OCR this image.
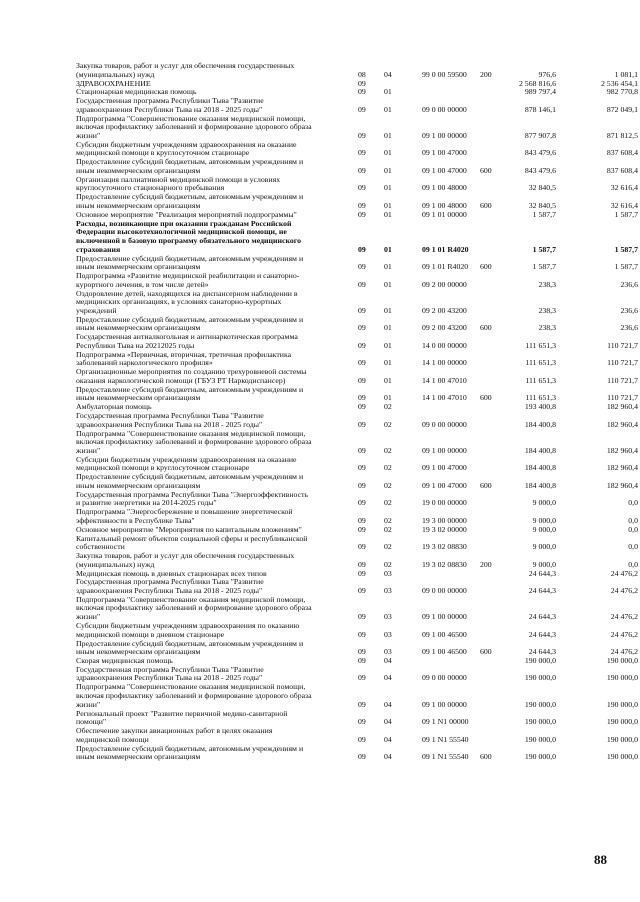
Закупка товаров, работ и услуг для обеспечения государственных
(муниципальных) нужд	08	04	99 0 00 59500	200	976,6	1 081,1
ЗДРАВООХРАНЕНИЕ	09	2 568 816,6	2 536 454,1
Стационарная медицинская помощь	09	01	989 797,4	982 770,8
Государственная программа Республики Тыва "Развитие
здравоохранения Республики Тыва на 2018 - 2025 годы"	09	01	09 0 00 00000	878 146,1	872 049,1
Подпрограмма "Совершенствование оказания медицинской помощи,
включая профилактику заболеваний и формирование здорового образа
жизни"	09	01	09 1 00 00000	877 907,8	871 812,5
Субсидии бюджетным учреждениям здравоохранения на оказание
медицинской помощи в круглосуточном стационаре	09	01	09 1 00 47000	843 479,6	837 608,4
Предоставление субсидий бюджетным, автономным учреждениям и
иным некоммерческим организациям	09	01	09 1 00 47000	600	843 479,6	837 608,4
Организация паллиативной медицинской помощи в условиях
круглосуточного стационарного пребывания	09	01	09 1 00 48000	32 840,5	32 616,4
Предоставление субсидий бюджетным, автономным учреждениям и
иным некоммерческим организациям	09	01	09 1 00 48000	600	32 840,5	32 616,4
Основное мероприятие "Реализация мероприятий подпрограммы"	09	01	09 1 01 00000	1 587,7	1 587,7
Расходы, возникающие при оказании гражданам Российской
Федерации высокотехнологичной медицинской помощи, не
включенной в базовую программу обязательного медицинского
страхования	09	01	09 1 01 R4020	1 587,7	1 587,7
Предоставление субсидий бюджетным, автономным учреждениям и
иным некоммерческим организациям	09	01	09 1 01 R4020	600	1 587,7	1 587,7
Подпрограмма «Развитие медицинской реабилитации и санаторно-
курортного лечения, в том числе детей»	09	01	09 2 00 00000	238,3	236,6
Оздоровление детей, находящихся на диспансерном наблюдении в
медицинских организациях, в условиях санаторно-курортных
учреждений	09	01	09 2 00 43200	238,3	236,6
Предоставление субсидий бюджетным, автономным учреждениям и
иным некоммерческим организациям	09	01	09 2 00 43200	600	238,3	236,6
Государственная антиалкогольная и антинаркотическая программа
Республики Тыва на 20212025 годы	09	01	14 0 00 00000	111 651,3	110 721,7
Подпрограмма «Первичная, вторичная, третичная профилактика
заболеваний наркологического профиля»	09	01	14 1 00 00000	111 651,3	110 721,7
Организационные мероприятия по созданию трехуровневой системы
оказания наркологической помощи (ГБУЗ РТ Наркодиспансер)	09	01	14 1 00 47010	111 651,3	110 721,7
Предоставление субсидий бюджетным, автономным учреждениям и
иным некоммерческим организациям	09	01	14 1 00 47010	600	111 651,3	110 721,7
Амбулаторная помощь	09	02	193 400,8	182 960,4
Государственная программа Республики Тыва "Развитие
здравоохранения Республики Тыва на 2018 - 2025 годы"	09	02	09 0 00 00000	184 400,8	182 960,4
Подпрограмма "Совершенствование оказания медицинской помощи,
включая профилактику заболеваний и формирование здорового образа
жизни"	09	02	09 1 00 00000	184 400,8	182 960,4
Субсидии бюджетным учреждениям здравоохранения на оказание
медицинской помощи в круглосуточном стационаре	09	02	09 1 00 47000	184 400,8	182 960,4
Предоставление субсидий бюджетным, автономным учреждениям и
иным некоммерческим организациям	09	02	09 1 00 47000	600	184 400,8	182 960,4
Государственная программа Республики Тыва "Энергоэффективность
и развитие энергетики на 2014-2025 годы"	09	02	19 0 00 00000	9 000,0	0,0
Подпрограмма "Энергосбережение и повышение энергетической
эффективности в Республике Тыва"	09	02	19 3 00 00000	9 000,0	0,0
Основное мероприятие "Мероприятия по капитальным вложениям"	09	02	19 3 02 00000	9 000,0	0,0
Капитальный ремонт объектов социальной сферы и республиканской
собственности	09	02	19 3 02 08830	9 000,0	0,0
Закупка товаров, работ и услуг для обеспечения государственных
(муниципальных) нужд	09	02	19 3 02 08830	200	9 000,0	0,0
Медицинская помощь в дневных стационарах всех типов	09	03	24 644,3	24 476,2
Государственная программа Республики Тыва "Развитие
здравоохранения Республики Тыва на 2018 - 2025 годы"	09	03	09 0 00 00000	24 644,3	24 476,2
Подпрограмма "Совершенствование оказания медицинской помощи,
включая профилактику заболеваний и формирование здорового образа
жизни"	09	03	09 1 00 00000	24 644,3	24 476,2
Субсидии бюджетным учреждениям здравоохранения по оказанию
медицинской помощи в дневном стационаре	09	03	09 1 00 46500	24 644,3	24 476,2
Предоставление субсидий бюджетным, автономным учреждениям и
иным некоммерческим организациям	09	03	09 1 00 46500	600	24 644,3	24 476,2
Скорая медицинская помощь	09	04	190 000,0	190 000,0
Государственная программа Республики Тыва "Развитие
здравоохранения Республики Тыва на 2018 - 2025 годы"	09	04	09 0 00 00000	190 000,0	190 000,0
Подпрограмма "Совершенствование оказания медицинской помощи,
включая профилактику заболеваний и формирование здорового образа
жизни"	09	04	09 1 00 00000	190 000,0	190 000,0
Региональный проект "Развитие первичной медико-санитарной
помощи"	09	04	09 1 N1 00000	190 000,0	190 000,0
Обеспечение закупки авиационных работ в целях оказания
медицинской помощи	09	04	09 1 N1 55540	190 000,0	190 000,0
Предоставление субсидий бюджетным, автономным учреждениям и
иным некоммерческим организациям	09	04	09 1 N1 55540	600	190 000,0	190 000,0
88
